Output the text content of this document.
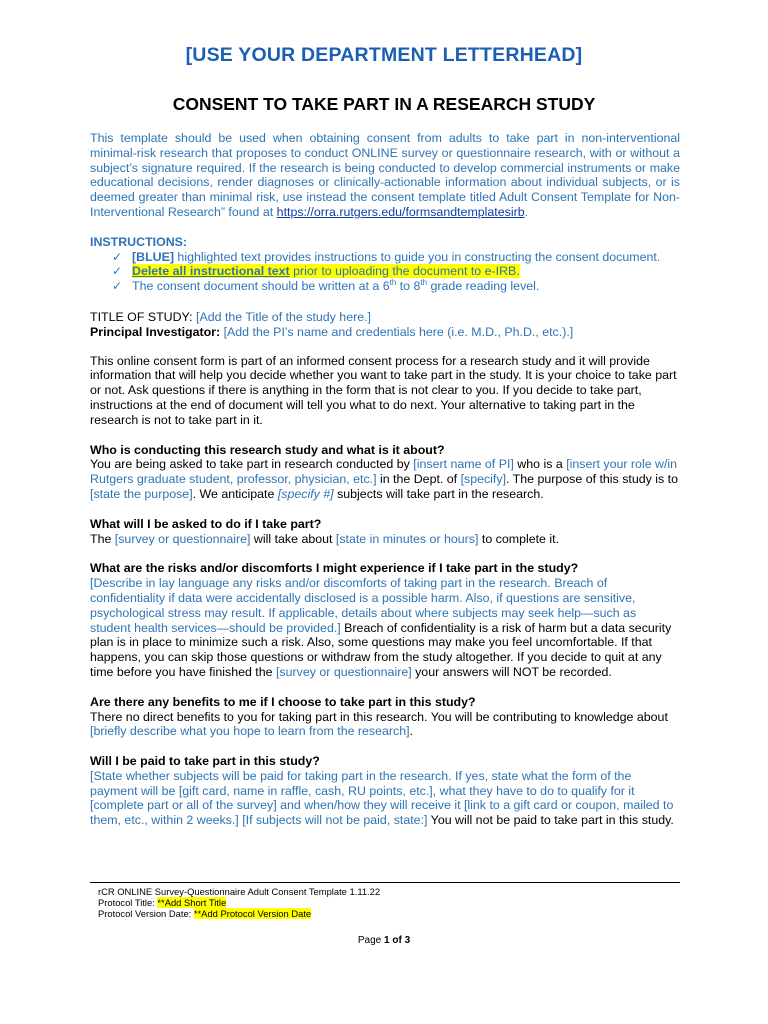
[USE YOUR DEPARTMENT LETTERHEAD]
CONSENT TO TAKE PART IN A RESEARCH STUDY

This template should be used when obtaining consent from adults to take part in non-interventional minimal-risk research that proposes to conduct ONLINE survey or questionnaire research, with or without a subject’s signature required. If the research is being conducted to develop commercial instruments or make educational decisions, render diagnoses or clinically-actionable information about individual subjects, or is deemed greater than minimal risk, use instead the consent template titled Adult Consent Template for Non-Interventional Research” found at https://orra.rutgers.edu/formsandtemplatesirb.

INSTRUCTIONS:

✓ [BLUE] highlighted text provides instructions to guide you in constructing the consent document.
✓ Delete all instructional text prior to uploading the document to e-IRB.
✓ The consent document should be written at a 6th to 8th grade reading level.

TITLE OF STUDY: [Add the Title of the study here.]

Principal Investigator: [Add the PI’s name and credentials here (i.e. M.D., Ph.D., etc.).]

This online consent form is part of an informed consent process for a research study and it will provide information that will help you decide whether you want to take part in the study. It is your choice to take part or not. Ask questions if there is anything in the form that is not clear to you. If you decide to take part, instructions at the end of document will tell you what to do next. Your alternative to taking part in the research is not to take part in it.

Who is conducting this research study and what is it about?

You are being asked to take part in research conducted by [insert name of PI] who is a [insert your role w/in Rutgers graduate student, professor, physician, etc.] in the Dept. of [specify]. The purpose of this study is to [state the purpose]. We anticipate [specify #] subjects will take part in the research.

What will I be asked to do if I take part?

The [survey or questionnaire] will take about [state in minutes or hours] to complete it.

What are the risks and/or discomforts I might experience if I take part in the study?

[Describe in lay language any risks and/or discomforts of taking part in the research. Breach of confidentiality if data were accidentally disclosed is a possible harm. Also, if questions are sensitive, psychological stress may result. If applicable, details about where subjects may seek help—such as student health services—should be provided.] Breach of confidentiality is a risk of harm but a data security plan is in place to minimize such a risk. Also, some questions may make you feel uncomfortable. If that happens, you can skip those questions or withdraw from the study altogether. If you decide to quit at any time before you have finished the [survey or questionnaire] your answers will NOT be recorded.

Are there any benefits to me if I choose to take part in this study?

There no direct benefits to you for taking part in this research. You will be contributing to knowledge about [briefly describe what you hope to learn from the research].

Will I be paid to take part in this study?

[State whether subjects will be paid for taking part in the research. If yes, state what the form of the payment will be [gift card, name in raffle, cash, RU points, etc.], what they have to do to qualify for it [complete part or all of the survey] and when/how they will receive it [link to a gift card or coupon, mailed to them, etc., within 2 weeks.] [If subjects will not be paid, state:] You will not be paid to take part in this study.

rCR ONLINE Survey-Questionnaire Adult Consent Template 1.11.22
Protocol Title: **Add Short Title
Protocol Version Date: **Add Protocol Version Date
Page 1 of 3
